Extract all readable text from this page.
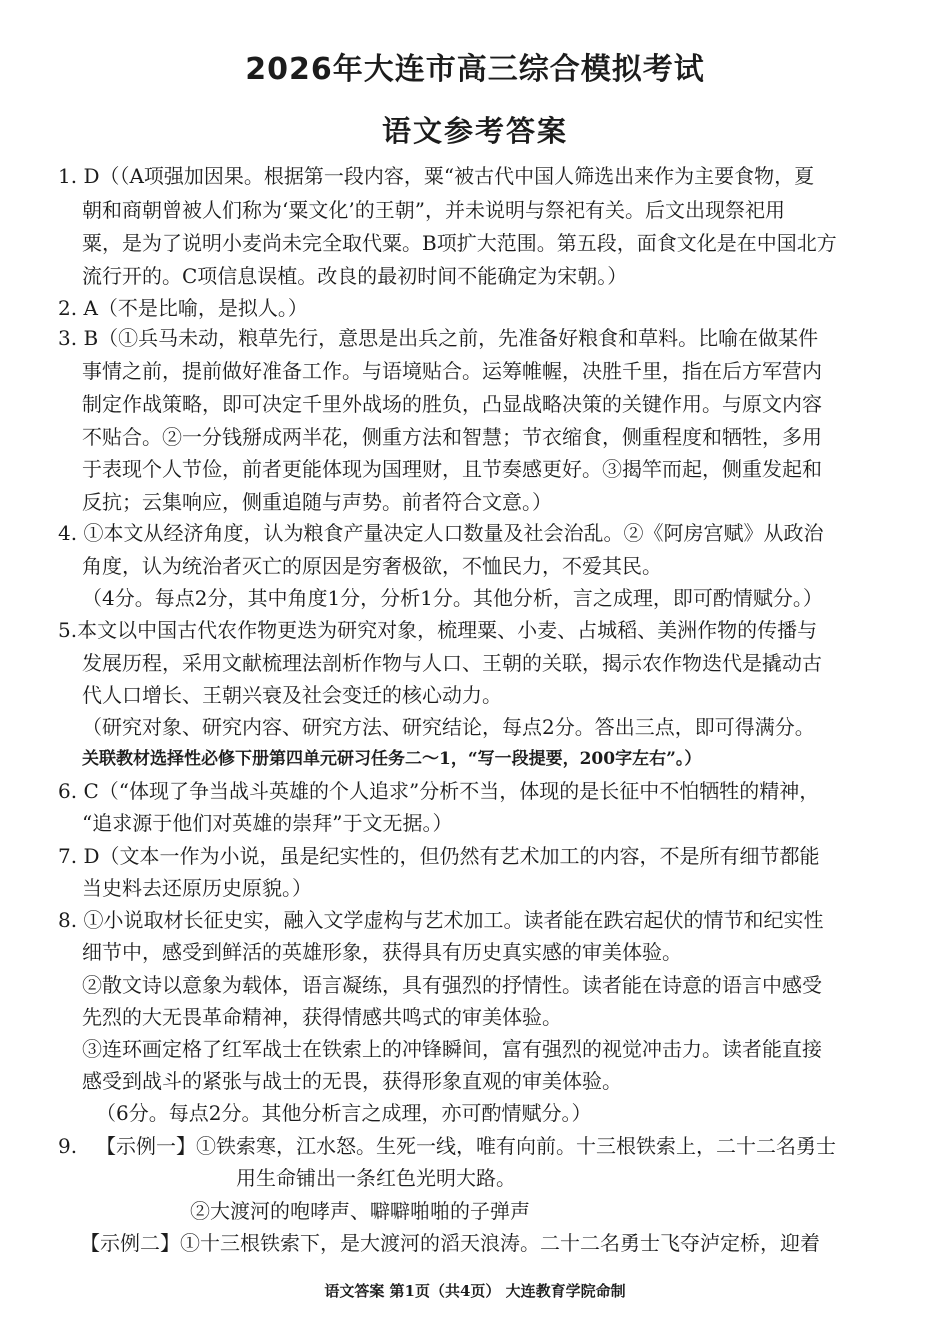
2026年大连市高三综合模拟考试
语文参考答案
1. D（（A项强加因果。根据第一段内容，粟“被古代中国人筛选出来作为主要食物，夏
朝和商朝曾被人们称为‘粟文化’的王朝”，并未说明与祭祀有关。后文出现祭祀用
粟，是为了说明小麦尚未完全取代粟。B项扩大范围。第五段，面食文化是在中国北方
流行开的。C项信息误植。改良的最初时间不能确定为宋朝。）
2. A（不是比喻，是拟人。）
3. B（①兵马未动，粮草先行，意思是出兵之前，先准备好粮食和草料。比喻在做某件
事情之前，提前做好准备工作。与语境贴合。运筹帷幄，决胜千里，指在后方军营内
制定作战策略，即可决定千里外战场的胜负，凸显战略决策的关键作用。与原文内容
不贴合。②一分钱掰成两半花，侧重方法和智慧；节衣缩食，侧重程度和牺牲，多用
于表现个人节俭，前者更能体现为国理财，且节奏感更好。③揭竿而起，侧重发起和
反抗；云集响应，侧重追随与声势。前者符合文意。）
4. ①本文从经济角度，认为粮食产量决定人口数量及社会治乱。②《阿房宫赋》从政治
角度，认为统治者灭亡的原因是穷奢极欲，不恤民力，不爱其民。
（4分。每点2分，其中角度1分，分析1分。其他分析，言之成理，即可酌情赋分。）
5.本文以中国古代农作物更迭为研究对象，梳理粟、小麦、占城稻、美洲作物的传播与
发展历程，采用文献梳理法剖析作物与人口、王朝的关联，揭示农作物迭代是撬动古
代人口增长、王朝兴衰及社会变迁的核心动力。
（研究对象、研究内容、研究方法、研究结论，每点2分。答出三点，即可得满分。
关联教材选择性必修下册第四单元研习任务二～1，“写一段提要，200字左右”。）
6. C（“体现了争当战斗英雄的个人追求”分析不当，体现的是长征中不怕牺牲的精神，
“追求源于他们对英雄的崇拜”于文无据。）
7. D（文本一作为小说，虽是纪实性的，但仍然有艺术加工的内容，不是所有细节都能
当史料去还原历史原貌。）
8. ①小说取材长征史实，融入文学虚构与艺术加工。读者能在跌宕起伏的情节和纪实性
细节中，感受到鲜活的英雄形象，获得具有历史真实感的审美体验。
②散文诗以意象为载体，语言凝练，具有强烈的抒情性。读者能在诗意的语言中感受
先烈的大无畏革命精神，获得情感共鸣式的审美体验。
③连环画定格了红军战士在铁索上的冲锋瞬间，富有强烈的视觉冲击力。读者能直接
感受到战斗的紧张与战士的无畏，获得形象直观的审美体验。
（6分。每点2分。其他分析言之成理，亦可酌情赋分。）
9. 【示例一】①铁索寒，江水怒。生死一线，唯有向前。十三根铁索上，二十二名勇士
用生命铺出一条红色光明大路。
②大渡河的咆哮声、噼噼啪啪的子弹声
【示例二】①十三根铁索下，是大渡河的滔天浪涛。二十二名勇士飞夺泸定桥，迎着
语文答案 第1页（共4页） 大连教育学院命制
